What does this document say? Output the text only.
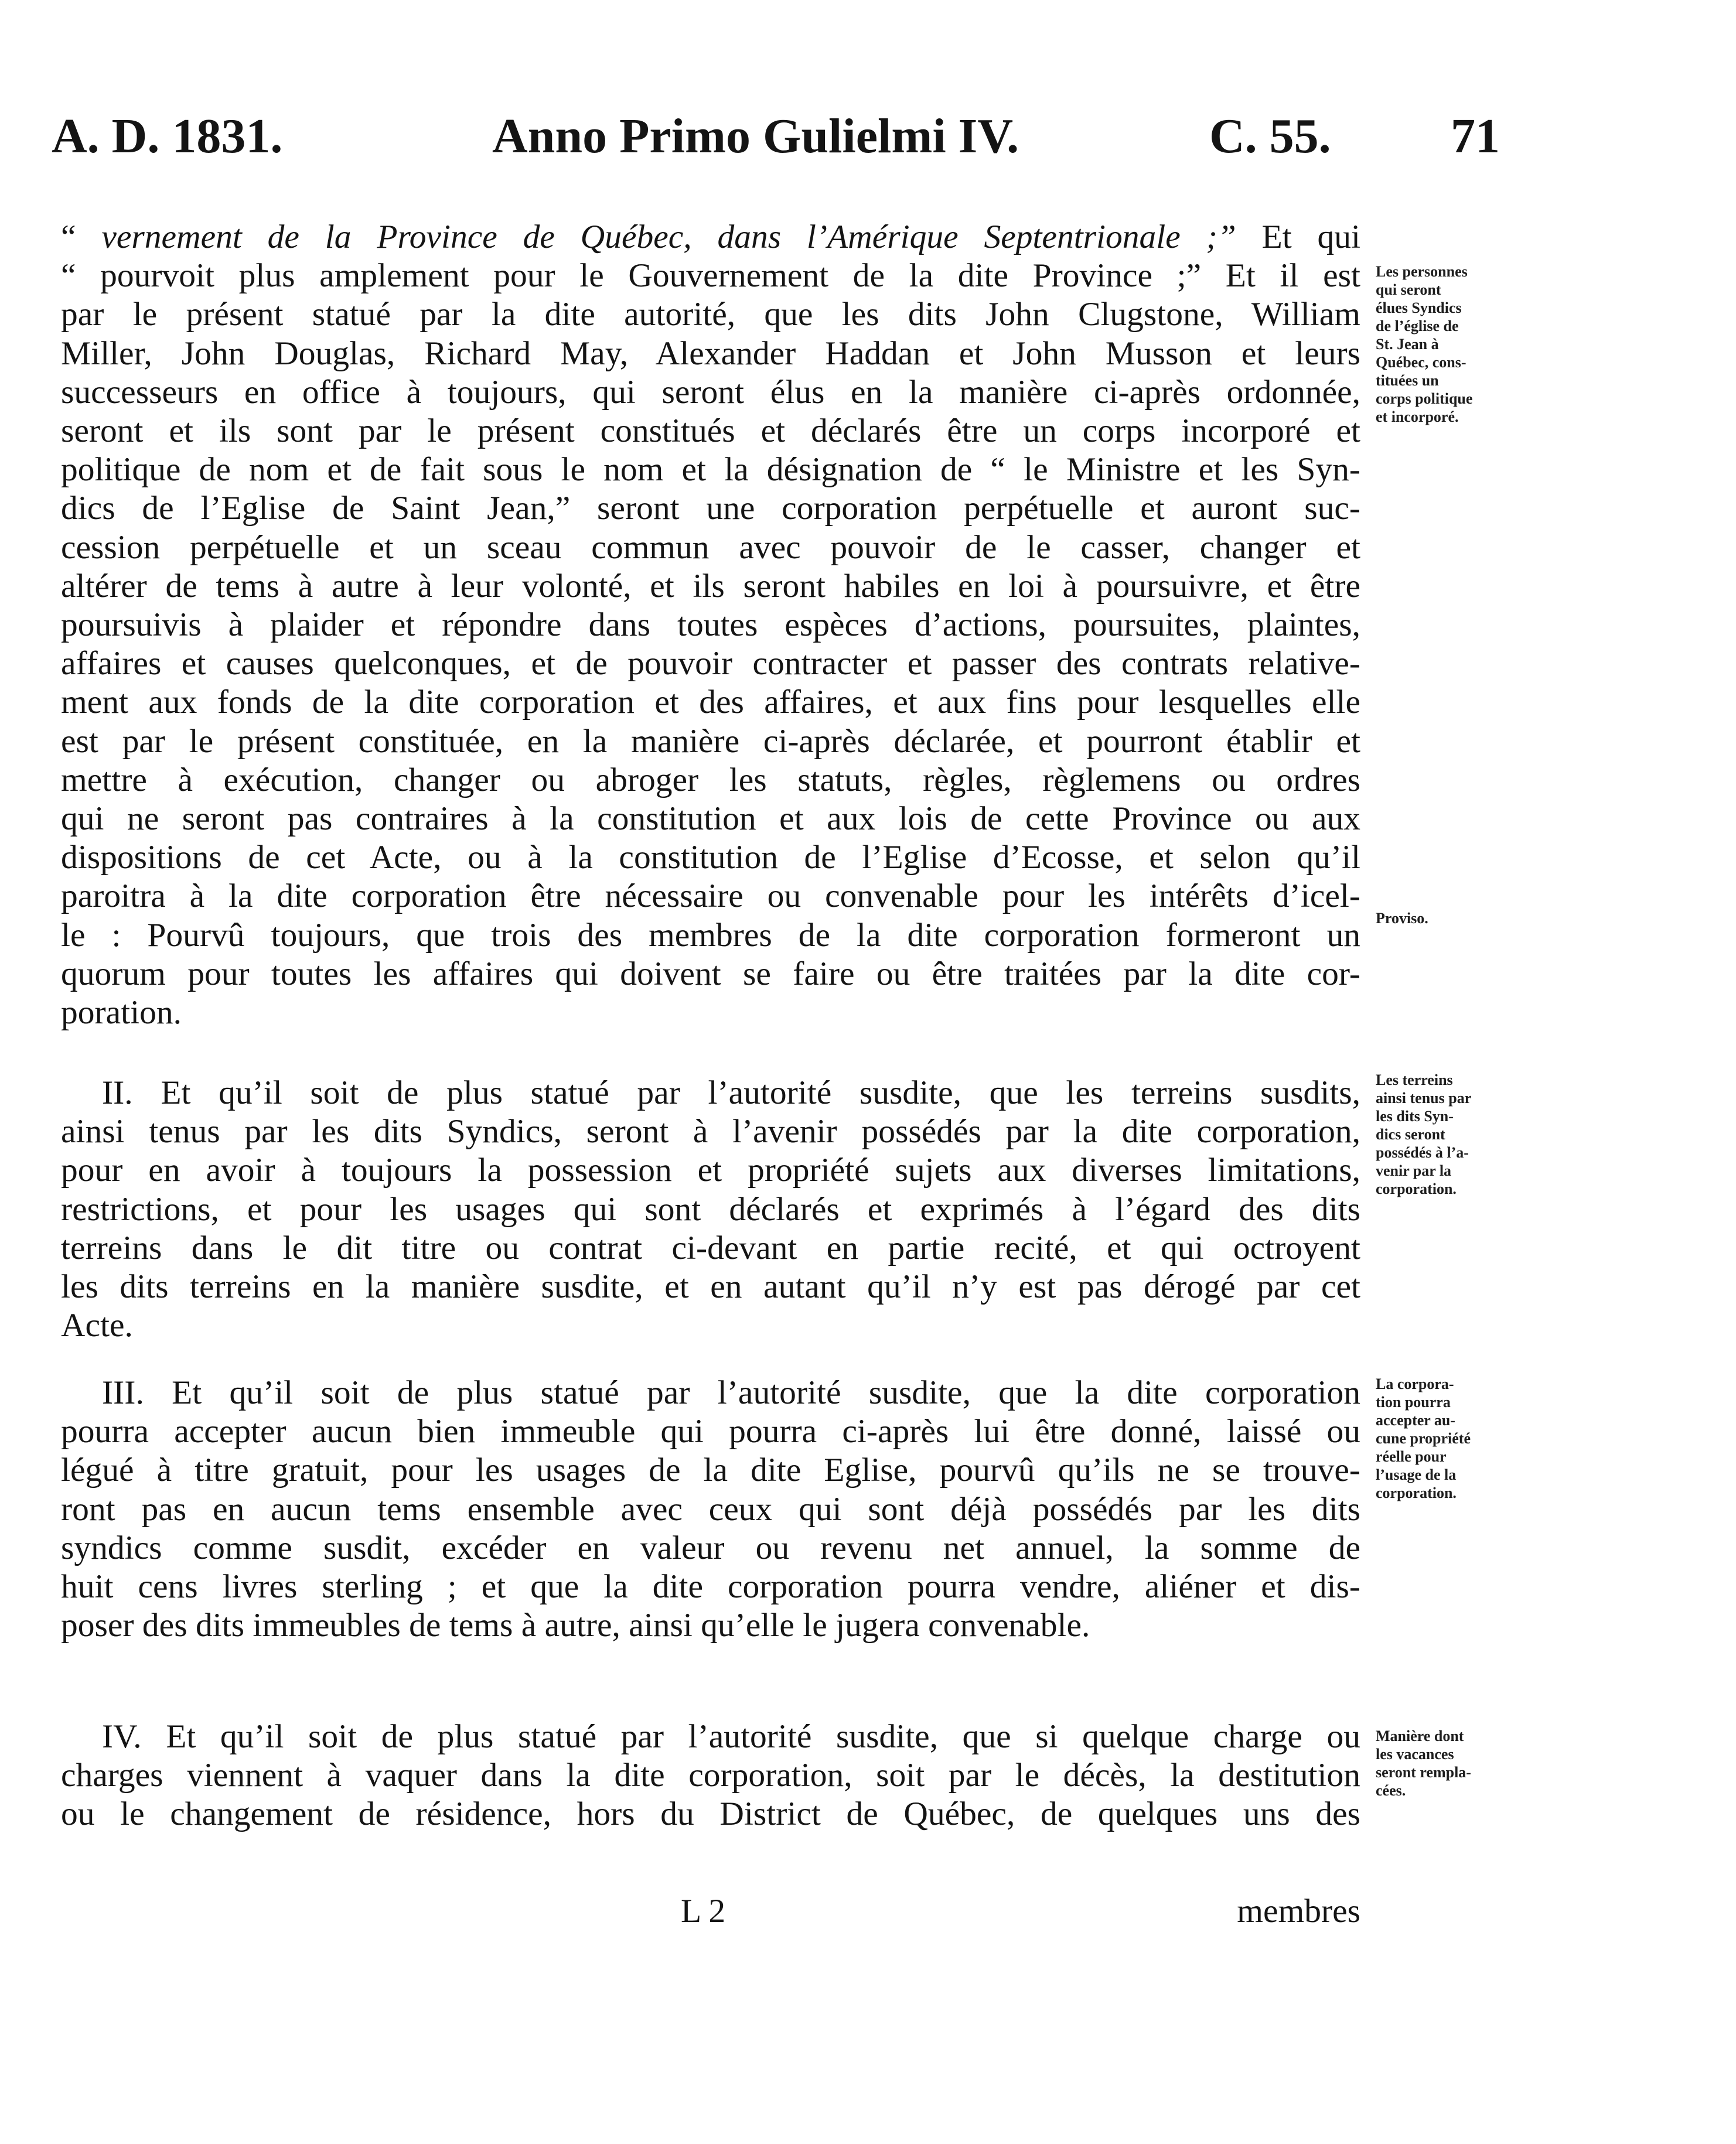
A. D. 1831.	Anno Primo Gulielmi IV.	C. 55. 71
“ vernement de la Province de Québec, dans l’Amérique Septentrionale ;” Et qui
“ pourvoit plus amplement pour le Gouvernement de la dite Province ;” Et il est
par le présent statué par la dite autorité, que les dits John Clugstone, William
Miller, John Douglas, Richard May, Alexander Haddan et John Musson et leurs
successeurs en office à toujours, qui seront élus en la manière ci-après ordonnée,
seront et ils sont par le présent constitués et déclarés être un corps incorporé et
politique de nom et de fait sous le nom et la désignation de “ le Ministre et les Syn-
dics de l’Eglise de Saint Jean,” seront une corporation perpétuelle et auront suc-
cession perpétuelle et un sceau commun avec pouvoir de le casser, changer et
altérer de tems à autre à leur volonté, et ils seront habiles en loi à poursuivre, et être
poursuivis à plaider et répondre dans toutes espèces d’actions, poursuites, plaintes,
affaires et causes quelconques, et de pouvoir contracter et passer des contrats relative-
ment aux fonds de la dite corporation et des affaires, et aux fins pour lesquelles elle
est par le présent constituée, en la manière ci-après déclarée, et pourront établir et
mettre à exécution, changer ou abroger les statuts, règles, règlemens ou ordres
qui ne seront pas contraires à la constitution et aux lois de cette Province ou aux
dispositions de cet Acte, ou à la constitution de l’Eglise d’Ecosse, et selon qu’il
paroitra à la dite corporation être nécessaire ou convenable pour les intérêts d’icel-
le : Pourvû toujours, que trois des membres de la dite corporation formeront un
quorum pour toutes les affaires qui doivent se faire ou être traitées par la dite cor-
poration.
II. Et qu’il soit de plus statué par l’autorité susdite, que les terreins susdits,
ainsi tenus par les dits Syndics, seront à l’avenir possédés par la dite corporation,
pour en avoir à toujours la possession et propriété sujets aux diverses limitations,
restrictions, et pour les usages qui sont déclarés et exprimés à l’égard des dits
terreins dans le dit titre ou contrat ci-devant en partie recité, et qui octroyent
les dits terreins en la manière susdite, et en autant qu’il n’y est pas dérogé par cet
Acte.
III. Et qu’il soit de plus statué par l’autorité susdite, que la dite corporation
pourra accepter aucun bien immeuble qui pourra ci-après lui être donné, laissé ou
légué à titre gratuit, pour les usages de la dite Eglise, pourvû qu’ils ne se trouve-
ront pas en aucun tems ensemble avec ceux qui sont déjà possédés par les dits
syndics comme susdit, excéder en valeur ou revenu net annuel, la somme de
huit cens livres sterling ; et que la dite corporation pourra vendre, aliéner et dis-
poser des dits immeubles de tems à autre, ainsi qu’elle le jugera convenable.
IV. Et qu’il soit de plus statué par l’autorité susdite, que si quelque charge ou
charges viennent à vaquer dans la dite corporation, soit par le décès, la destitution
ou le changement de résidence, hors du District de Québec, de quelques uns des
L 2	membres
Les personnes
qui seront
élues Syndics
de l’église de
St. Jean à
Québec, cons-
tituées un
corps politique
et incorporé.
Proviso.
Les terreins
ainsi tenus par
les dits Syn-
dics seront
possédés à l’a-
venir par la
corporation.
La corpora-
tion pourra
accepter au-
cune propriété
réelle pour
l’usage de la
corporation.
Manière dont
les vacances
seront rempla-
cées.
